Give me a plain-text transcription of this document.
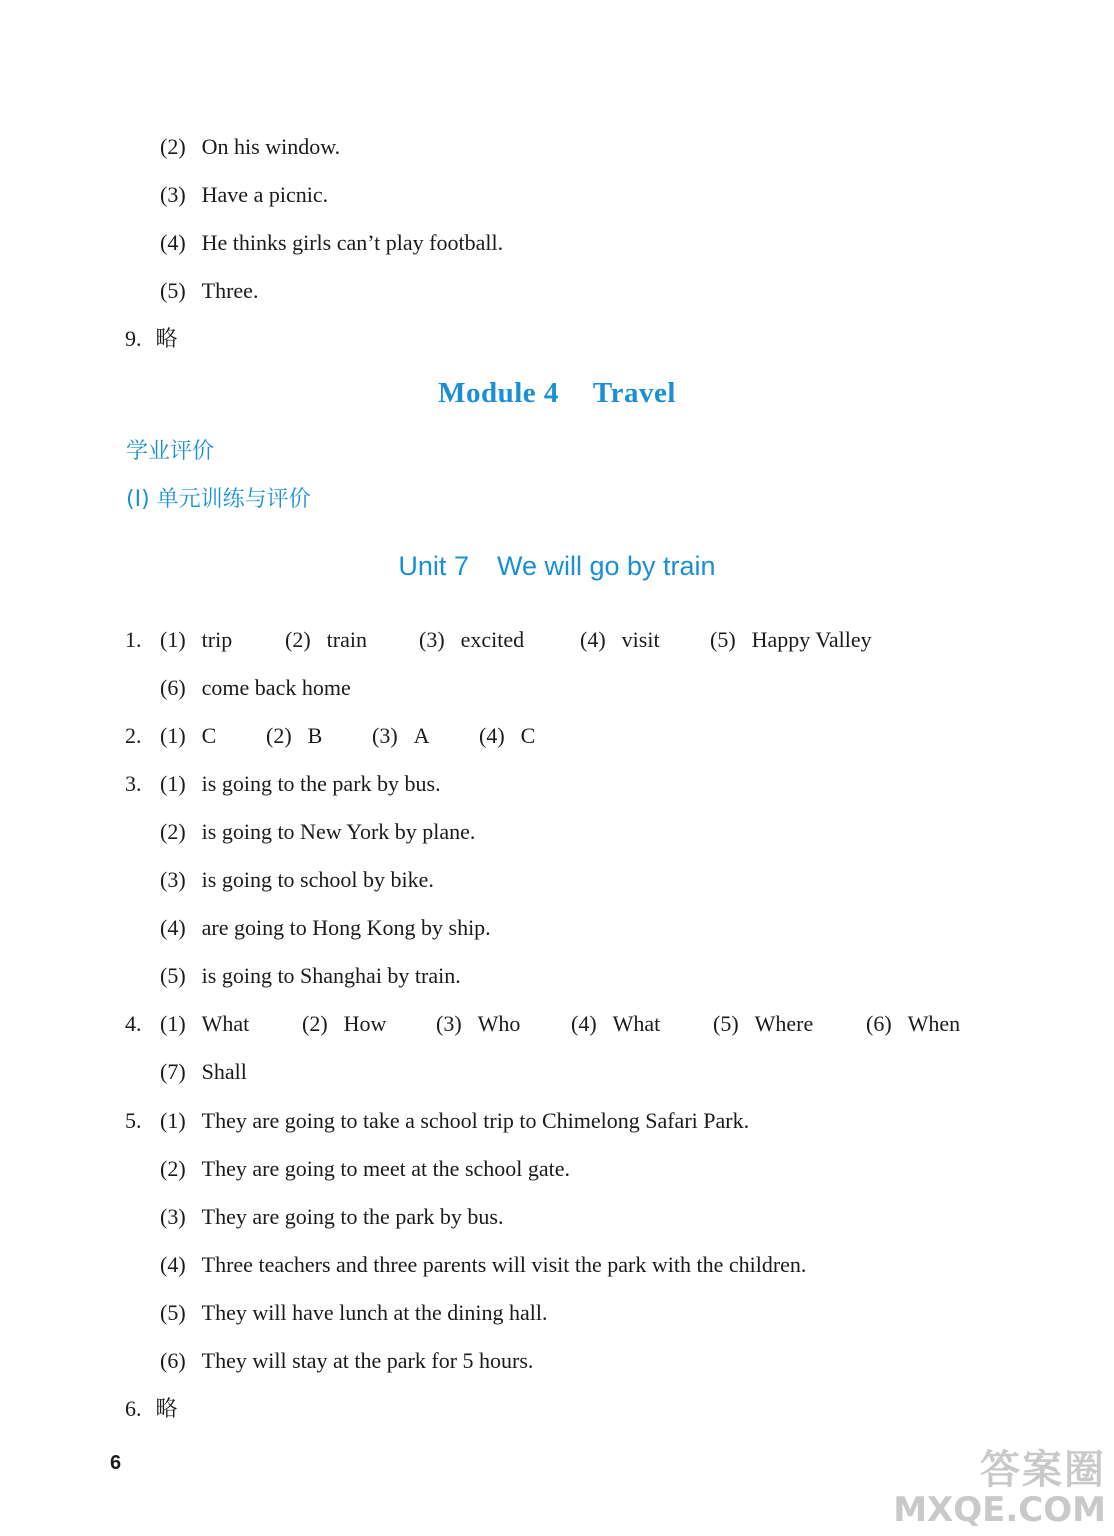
(2) On his window.
(3) Have a picnic.
(4) He thinks girls can’t play football.
(5) Three.
9. 略
Module 4 Travel
学业评价
(Ⅰ) 单元训练与评价
Unit 7 We will go by train
1. (1) trip (2) train (3) excited	(4) visit (5) Happy Valley
(6) come back home
2. (1) C (2) B (3) A (4) C
3. (1) is going to the park by bus.
(2) is going to New York by plane.
(3) is going to school by bike.
(4) are going to Hong Kong by ship.
(5) is going to Shanghai by train.
4. (1) What (2) How (3) Who (4) What (5) Where (6) When
(7) Shall
5. (1) They are going to take a school trip to Chimelong Safari Park.
(2) They are going to meet at the school gate.
(3) They are going to the park by bus.
(4) Three teachers and three parents will visit the park with the children.
(5) They will have lunch at the dining hall.
(6) They will stay at the park for 5 hours.
6. 略
6	答案圈
MXQE.COM
